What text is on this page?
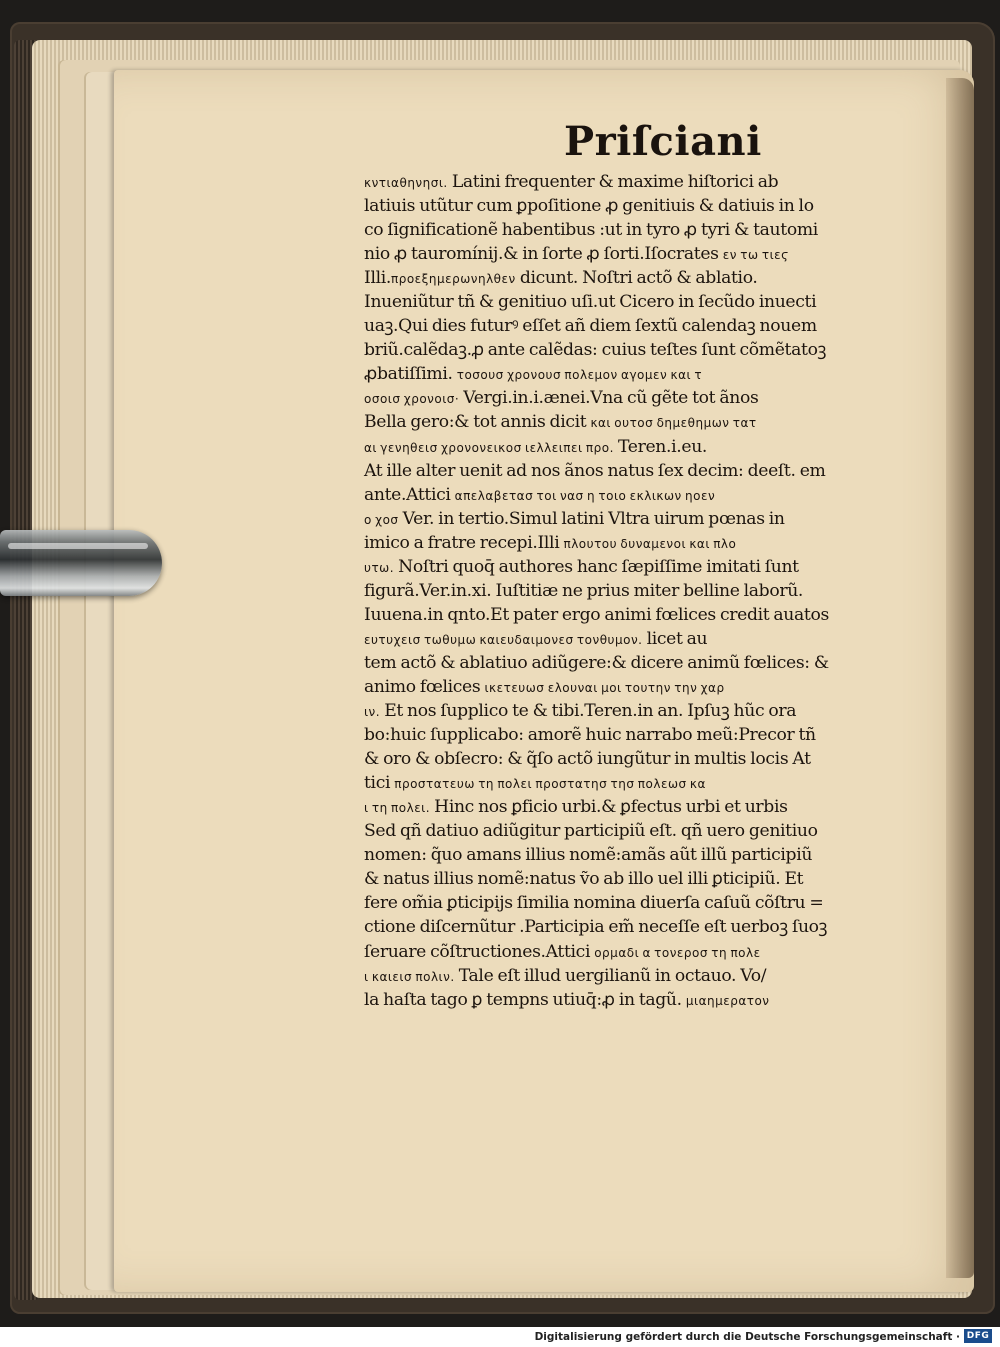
Priſciani
κντιαθηνησι. Latini frequenter & maxime hiſtorici ab
latiuis utũtur cum ꝑpoſitione ꝓ genitiuis & datiuis in lo
co ſignificationẽ habentibus :ut in tyro ꝓ tyri & tautomi
nio ꝓ tauromínij.& in ſorte ꝓ ſorti.Iſocrates εν τω τιεϛ
Illi.προεξημερωνηλθεν dicunt. Noſtri actõ & ablatio.
Inueniũtur tñ & genitiuo uſi.ut Cicero in ſecũdo inuecti
uaꝫ.Qui dies futurꝰ eſſet añ diem ſextũ calendaꝫ nouem
briũ.calẽdaꝫ.ꝓ ante calẽdas: cuius teſtes ſunt cõmẽtatoꝫ
ꝓbatiſſimi. τοσουσ χρονουσ πολεμον αγομεν και τ
οσοισ χρονοισ· Vergi.in.i.ænei.Vna cũ gẽte tot ãnos
Bella gero:& tot annis dicit και ουτοσ δημεθημων τατ
αι γενηθεισ χρονονεικοσ ιελλειπει προ. Teren.i.eu.
At ille alter uenit ad nos ãnos natus ſex decim: deeſt. em
ante.Attici απελαβετασ τοι νασ η τοιο εκλικων ηοεν
ο χοσ Ver. in tertio.Simul latini Vltra uirum pœnas in
imico a fratre recepi.Illi πλουτου δυναμενοι και πλο
υτω. Noſtri quoq̄ authores hanc ſæpiſſime imitati ſunt
figurã.Ver.in.xi. Iuſtitiæ ne prius miter belline laborũ.
Iuuena.in qnto.Et pater ergo animi fœlices credit auatos
ευτυχεισ τωθυμω καιευδαιμονεσ τονθυμον. licet au
tem actõ & ablatiuo adiũgere:& dicere animũ fœlices: &
animo fœlices ικετευωσ ελουναι μοι τουτην την χαρ
ιν. Et nos ſupplico te & tibi.Teren.in an. Ipſuꝫ hũc ora
bo:huic ſupplicabo: amorẽ huic narrabo meũ:Precor tñ
& oro & obſecro: & q̃ſo actõ iungũtur in multis locis At
tici προστατευω τη πολει προστατησ τησ πολεωσ κα
ι τη πολει. Hinc nos ꝑficio urbi.& ꝑfectus urbi et urbis
Sed qñ datiuo adiũgitur participiũ eſt. qñ uero genitiuo
nomen: q̃uo amans illius nomẽ:amãs aũt illũ participiũ
& natus illius nomẽ:natus ṽo ab illo uel illi ꝑticipiũ. Et
fere om̃ia ꝑticipijs ſimilia nomina diuerſa caſuũ cõſtru =
ctione diſcernũtur .Participia em̃ neceſſe eſt uerboꝫ ſuoꝫ
ſeruare cõſtructiones.Attici ορμαδι α τονεροσ τη πολε
ι καιεισ πολιν. Tale eſt illud uergilianũ in octauo. Vo/
la haſta tago ꝑ tempns utiuq̄:ꝓ in tagũ. μιαημερατον
Digitalisierung gefördert durch die Deutsche Forschungsgemeinschaft · DFG
